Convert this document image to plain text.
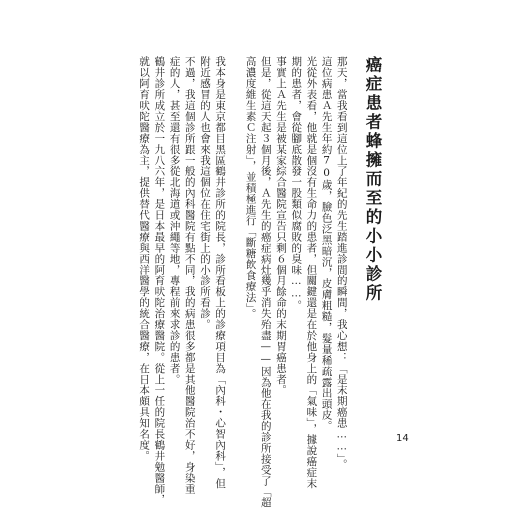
癌症患者蜂擁而至的小小診所
那天，當我看到這位上了年紀的先生踏進診間的瞬間，我心想：「是末期癌患……」。
這位病患Ａ先生年約70歲，臉色泛黑暗沉，皮膚粗糙，髮量稀疏露出頭皮。
光從外表看，他就是個沒有生命力的患者，但關鍵還是在於他身上的「氣味」，據說癌症末
期的患者，會從腳底散發一股類似腐敗的臭味……。
事實上Ａ先生是被某家綜合醫院宣告只剩６個月餘命的末期胃癌患者。
但是，從這天起３個月後，Ａ先生的癌症病灶幾乎消失殆盡——因為他在我的診所接受了「超
高濃度維生素Ｃ注射」，並積極進行「斷糖飲食療法」。

我本身是東京都目黑區鶴井診所的院長，診所看板上的診療項目為「內科・心智內科」，但
附近感冒的人也會來我這個位在住宅街上的小診所看診。
不過，我這個診所跟一般的內科醫院有點不同，我的病患很多都是其他醫院治不好，身染重
症的人，甚至還有很多從北海道或沖繩等地，專程前來求診的患者。
鶴井診所成立於一九八六年，是日本最早的阿育吠陀治療醫院。從上一任的院長鶴井勉醫師，
就以阿育吠陀醫療為主，提供替代醫療與西洋醫學的統合醫療，在日本頗具知名度。	14
